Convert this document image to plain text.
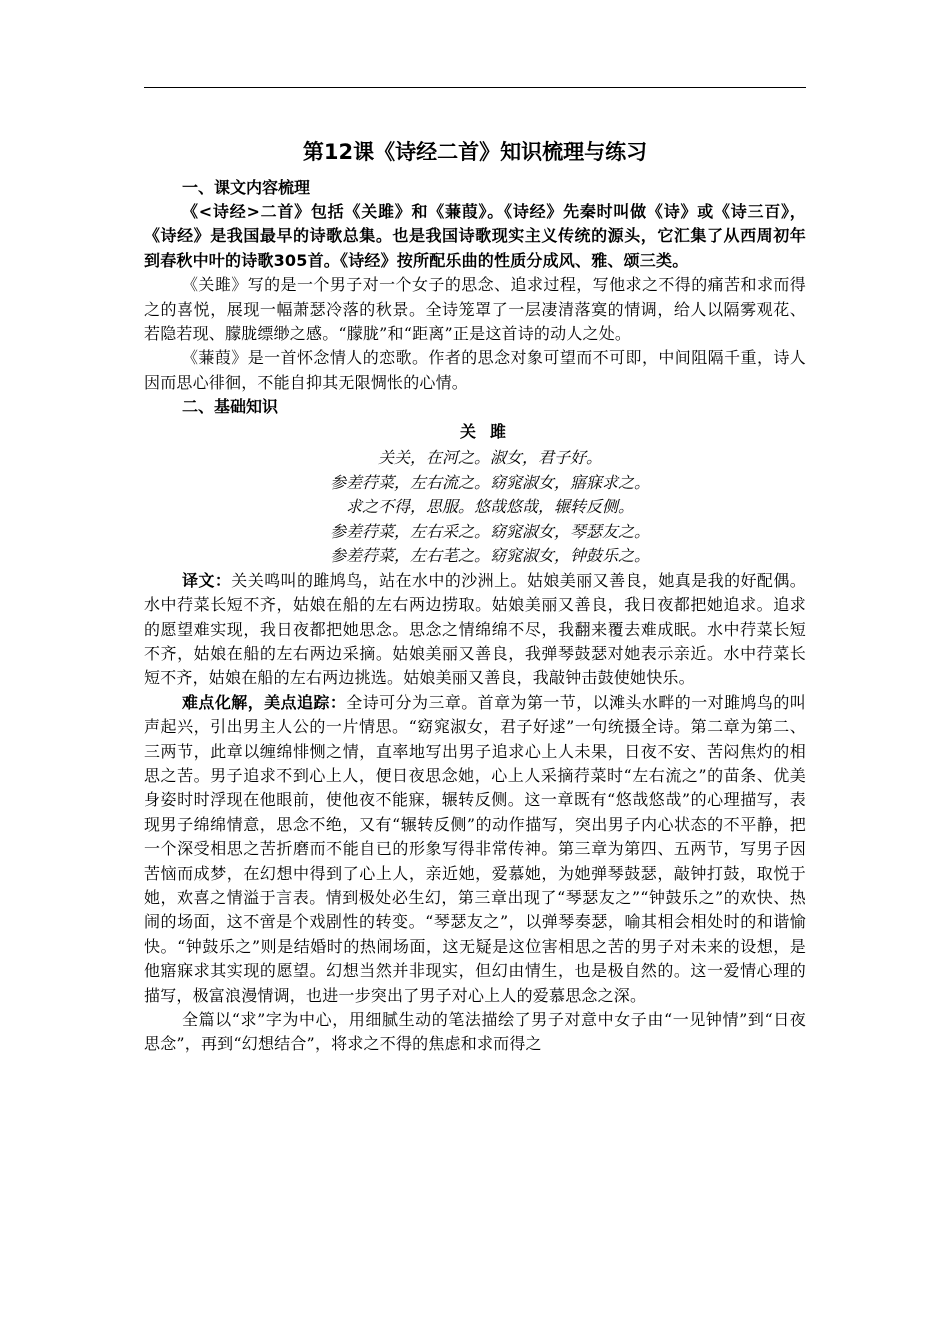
第12课《诗经二首》知识梳理与练习
一、课文内容梳理

《<诗经>二首》包括《关雎》和《蒹葭》。《诗经》先秦时叫做《诗》或《诗三百》，《诗经》是我国最早的诗歌总集。也是我国诗歌现实主义传统的源头，它汇集了从西周初年到春秋中叶的诗歌305首。《诗经》按所配乐曲的性质分成风、雅、颂三类。

《关雎》写的是一个男子对一个女子的思念、追求过程，写他求之不得的痛苦和求而得之的喜悦，展现一幅萧瑟冷落的秋景。全诗笼罩了一层凄清落寞的情调，给人以隔雾观花、若隐若现、朦胧缥缈之感。“朦胧”和“距离”正是这首诗的动人之处。

《蒹葭》是一首怀念情人的恋歌。作者的思念对象可望而不可即，中间阻隔千重，诗人因而思心徘徊，不能自抑其无限惆怅的心情。

二、基础知识
关雎
关关，在河之。淑女，君子好。
参差荇菜，左右流之。窈窕淑女，寤寐求之。
求之不得，思服。悠哉悠哉，辗转反侧。
参差荇菜，左右采之。窈窕淑女，琴瑟友之。
参差荇菜，左右芼之。窈窕淑女，钟鼓乐之。

译文：关关鸣叫的雎鸠鸟，站在水中的沙洲上。姑娘美丽又善良，她真是我的好配偶。水中荇菜长短不齐，姑娘在船的左右两边捞取。姑娘美丽又善良，我日夜都把她追求。追求的愿望难实现，我日夜都把她思念。思念之情绵绵不尽，我翻来覆去难成眠。水中荇菜长短不齐，姑娘在船的左右两边采摘。姑娘美丽又善良，我弹琴鼓瑟对她表示亲近。水中荇菜长短不齐，姑娘在船的左右两边挑选。姑娘美丽又善良，我敲钟击鼓使她快乐。

难点化解，美点追踪：全诗可分为三章。首章为第一节，以滩头水畔的一对雎鸠鸟的叫声起兴，引出男主人公的一片情思。“窈窕淑女，君子好逑”一句统摄全诗。第二章为第二、三两节，此章以缠绵悱恻之情，直率地写出男子追求心上人未果，日夜不安、苦闷焦灼的相思之苦。男子追求不到心上人，便日夜思念她，心上人采摘荇菜时“左右流之”的苗条、优美身姿时时浮现在他眼前，使他夜不能寐，辗转反侧。这一章既有“悠哉悠哉”的心理描写，表现男子绵绵情意，思念不绝，又有“辗转反侧”的动作描写，突出男子内心状态的不平静，把一个深受相思之苦折磨而不能自已的形象写得非常传神。第三章为第四、五两节，写男子因苦恼而成梦，在幻想中得到了心上人，亲近她，爱慕她，为她弹琴鼓瑟，敲钟打鼓，取悦于她，欢喜之情溢于言表。情到极处必生幻，第三章出现了“琴瑟友之”“钟鼓乐之”的欢快、热闹的场面，这不啻是个戏剧性的转变。“琴瑟友之”，以弹琴奏瑟，喻其相会相处时的和谐愉快。“钟鼓乐之”则是结婚时的热闹场面，这无疑是这位害相思之苦的男子对未来的设想，是他寤寐求其实现的愿望。幻想当然并非现实，但幻由情生，也是极自然的。这一爱情心理的描写，极富浪漫情调，也进一步突出了男子对心上人的爱慕思念之深。

全篇以“求”字为中心，用细腻生动的笔法描绘了男子对意中女子由“一见钟情”到“日夜思念”，再到“幻想结合”，将求之不得的焦虑和求而得之
